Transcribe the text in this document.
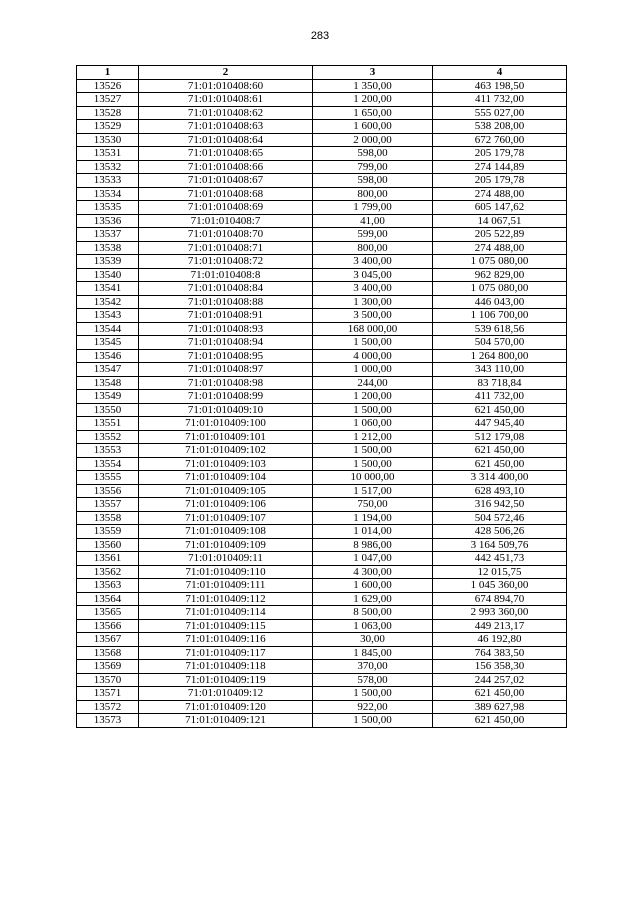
283
1	2	3	4
13526	71:01:010408:60	1 350,00	463 198,50
13527	71:01:010408:61	1 200,00	411 732,00
13528	71:01:010408:62	1 650,00	555 027,00
13529	71:01:010408:63	1 600,00	538 208,00
13530	71:01:010408:64	2 000,00	672 760,00
13531	71:01:010408:65	598,00	205 179,78
13532	71:01:010408:66	799,00	274 144,89
13533	71:01:010408:67	598,00	205 179,78
13534	71:01:010408:68	800,00	274 488,00
13535	71:01:010408:69	1 799,00	605 147,62
13536	71:01:010408:7	41,00	14 067,51
13537	71:01:010408:70	599,00	205 522,89
13538	71:01:010408:71	800,00	274 488,00
13539	71:01:010408:72	3 400,00	1 075 080,00
13540	71:01:010408:8	3 045,00	962 829,00
13541	71:01:010408:84	3 400,00	1 075 080,00
13542	71:01:010408:88	1 300,00	446 043,00
13543	71:01:010408:91	3 500,00	1 106 700,00
13544	71:01:010408:93	168 000,00	539 618,56
13545	71:01:010408:94	1 500,00	504 570,00
13546	71:01:010408:95	4 000,00	1 264 800,00
13547	71:01:010408:97	1 000,00	343 110,00
13548	71:01:010408:98	244,00	83 718,84
13549	71:01:010408:99	1 200,00	411 732,00
13550	71:01:010409:10	1 500,00	621 450,00
13551	71:01:010409:100	1 060,00	447 945,40
13552	71:01:010409:101	1 212,00	512 179,08
13553	71:01:010409:102	1 500,00	621 450,00
13554	71:01:010409:103	1 500,00	621 450,00
13555	71:01:010409:104	10 000,00	3 314 400,00
13556	71:01:010409:105	1 517,00	628 493,10
13557	71:01:010409:106	750,00	316 942,50
13558	71:01:010409:107	1 194,00	504 572,46
13559	71:01:010409:108	1 014,00	428 506,26
13560	71:01:010409:109	8 986,00	3 164 509,76
13561	71:01:010409:11	1 047,00	442 451,73
13562	71:01:010409:110	4 300,00	12 015,75
13563	71:01:010409:111	1 600,00	1 045 360,00
13564	71:01:010409:112	1 629,00	674 894,70
13565	71:01:010409:114	8 500,00	2 993 360,00
13566	71:01:010409:115	1 063,00	449 213,17
13567	71:01:010409:116	30,00	46 192,80
13568	71:01:010409:117	1 845,00	764 383,50
13569	71:01:010409:118	370,00	156 358,30
13570	71:01:010409:119	578,00	244 257,02
13571	71:01:010409:12	1 500,00	621 450,00
13572	71:01:010409:120	922,00	389 627,98
13573	71:01:010409:121	1 500,00	621 450,00
